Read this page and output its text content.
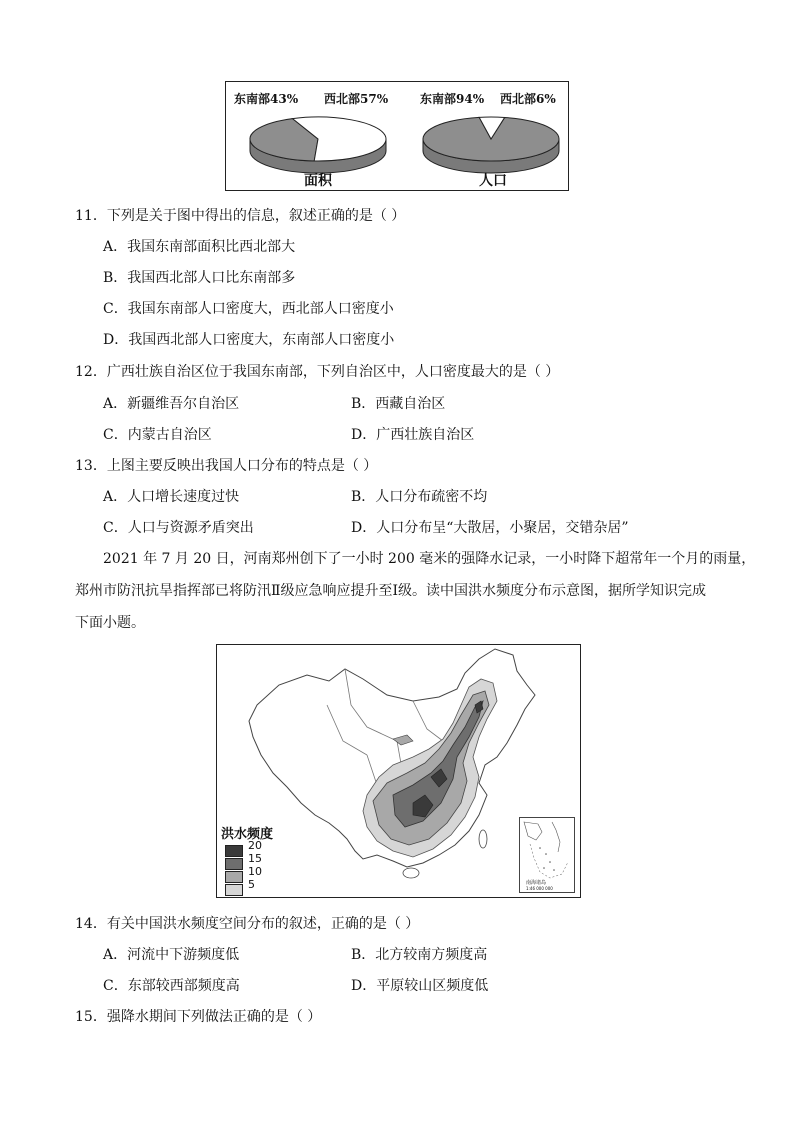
东南部43% 西北部57%
面积
东南部94% 西北部6%
人口
11．下列是关于图中得出的信息，叙述正确的是（ ）
A．我国东南部面积比西北部大
B．我国西北部人口比东南部多
C．我国东南部人口密度大，西北部人口密度小
D．我国西北部人口密度大，东南部人口密度小
12．广西壮族自治区位于我国东南部，下列自治区中，人口密度最大的是（ ）
A．新疆维吾尔自治区	B．西藏自治区
C．内蒙古自治区	D．广西壮族自治区
13．上图主要反映出我国人口分布的特点是（ ）
A．人口增长速度过快	B．人口分布疏密不均
C．人口与资源矛盾突出	D．人口分布呈“大散居，小聚居，交错杂居”
2021 年 7 月 20 日，河南郑州创下了一小时 200 毫米的强降水记录，一小时降下超常年一个月的雨量，
郑州市防汛抗旱指挥部已将防汛Ⅱ级应急响应提升至Ⅰ级。读中国洪水频度分布示意图，据所学知识完成
下面小题。
洪水频度
20
15
10
5	南海诸岛
1:46 000 000
14．有关中国洪水频度空间分布的叙述，正确的是（ ）
A．河流中下游频度低	B．北方较南方频度高
C．东部较西部频度高	D．平原较山区频度低
15．强降水期间下列做法正确的是（ ）
